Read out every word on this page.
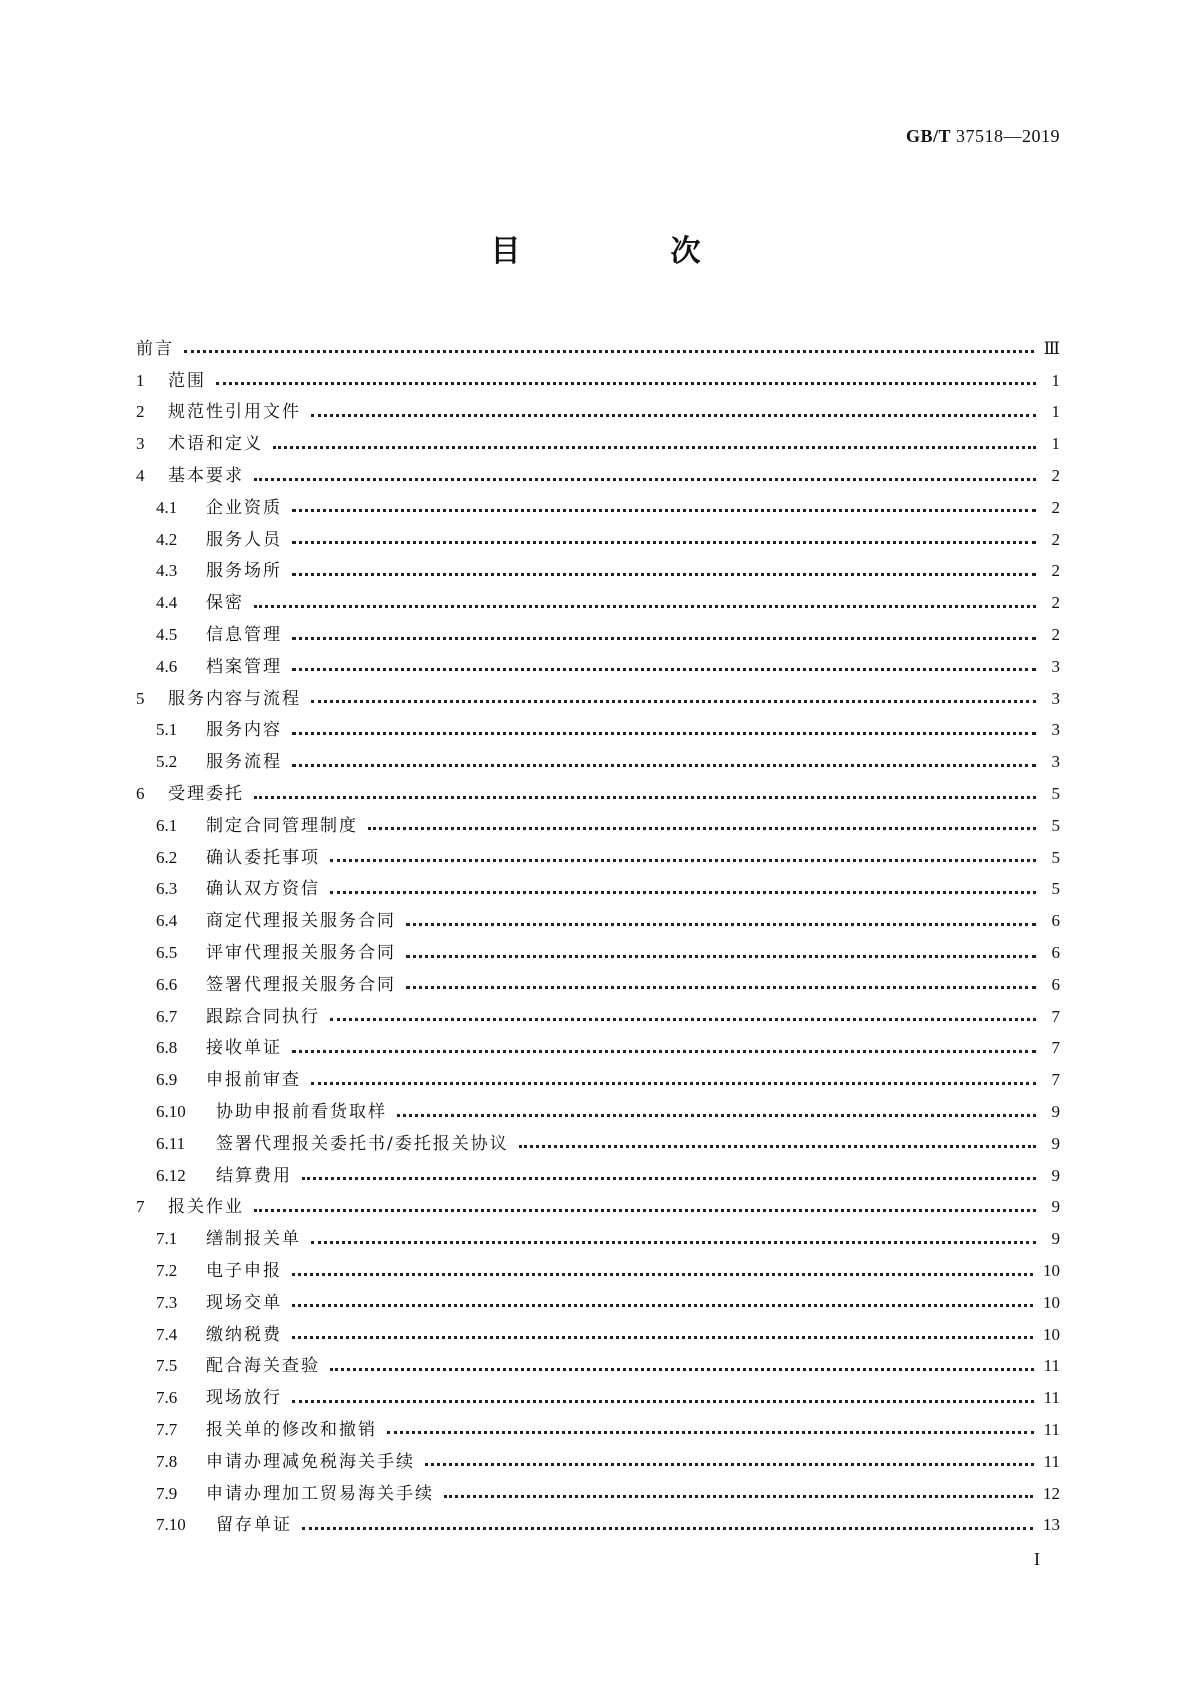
GB/T 37518—2019
目　次
前言	Ⅲ
1	范围	1
2	规范性引用文件	1
3	术语和定义	1
4	基本要求	2
4.1	企业资质	2
4.2	服务人员	2
4.3	服务场所	2
4.4	保密	2
4.5	信息管理	2
4.6	档案管理	3
5	服务内容与流程	3
5.1	服务内容	3
5.2	服务流程	3
6	受理委托	5
6.1	制定合同管理制度	5
6.2	确认委托事项	5
6.3	确认双方资信	5
6.4	商定代理报关服务合同	6
6.5	评审代理报关服务合同	6
6.6	签署代理报关服务合同	6
6.7	跟踪合同执行	7
6.8	接收单证	7
6.9	申报前审查	7
6.10	协助申报前看货取样	9
6.11	签署代理报关委托书/委托报关协议	9
6.12	结算费用	9
7	报关作业	9
7.1	缮制报关单	9
7.2	电子申报	10
7.3	现场交单	10
7.4	缴纳税费	10
7.5	配合海关查验	11
7.6	现场放行	11
7.7	报关单的修改和撤销	11
7.8	申请办理减免税海关手续	11
7.9	申请办理加工贸易海关手续	12
7.10	留存单证	13
I
